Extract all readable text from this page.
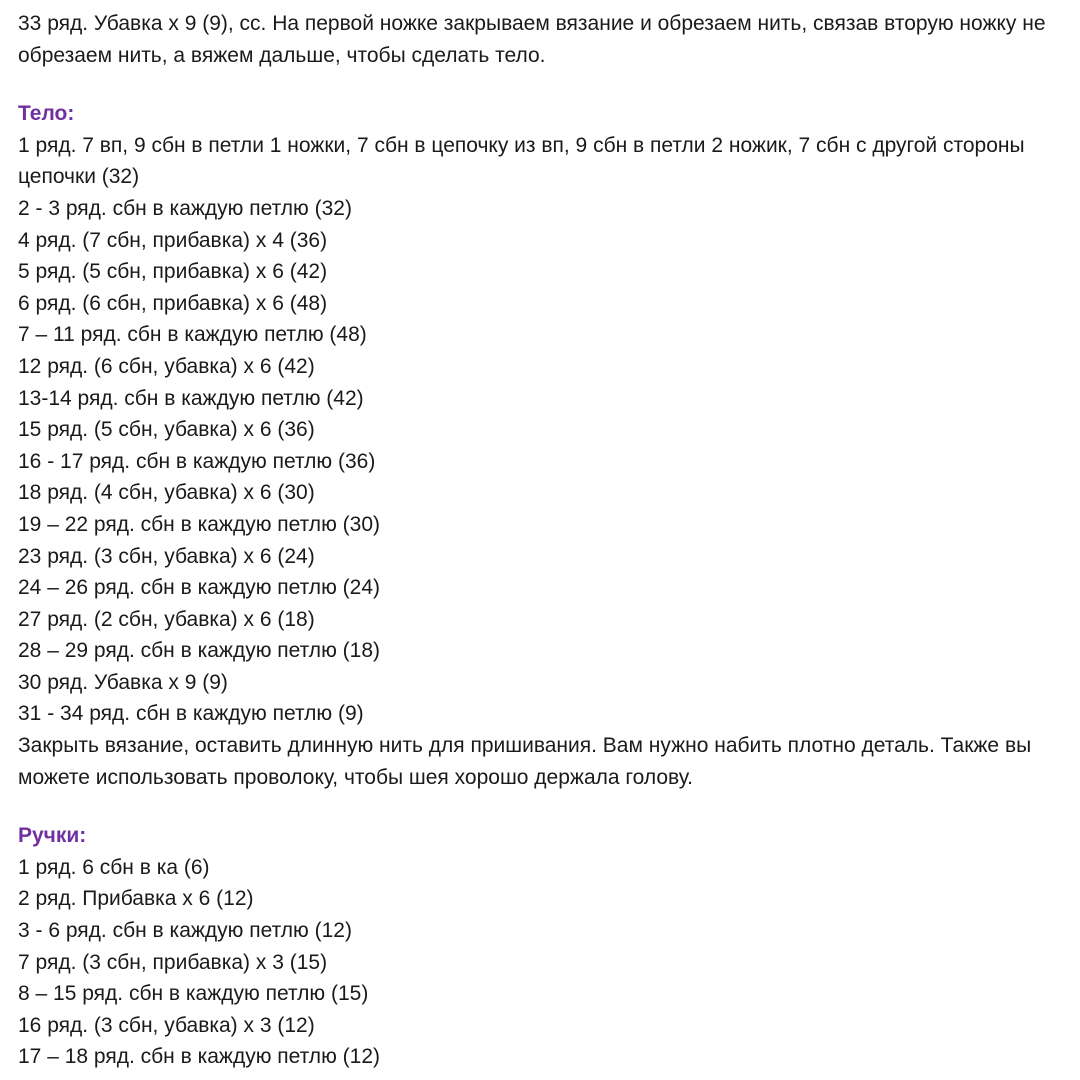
33 ряд. Убавка х 9 (9), сс. На первой ножке закрываем вязание и обрезаем нить, связав вторую ножку не обрезаем нить, а вяжем дальше, чтобы сделать тело.
Тело:
1 ряд. 7 вп, 9 сбн в петли 1 ножки, 7 сбн в цепочку из вп, 9 сбн в петли 2 ножик, 7 сбн с другой стороны цепочки (32)
2 - 3 ряд. сбн в каждую петлю (32)
4 ряд. (7 сбн, прибавка) х 4 (36)
5 ряд. (5 сбн, прибавка) х 6 (42)
6 ряд. (6 сбн, прибавка) х 6 (48)
7 – 11 ряд. сбн в каждую петлю (48)
12 ряд. (6 сбн, убавка) х 6 (42)
13-14 ряд. сбн в каждую петлю (42)
15 ряд. (5 сбн, убавка) х 6 (36)
16 - 17 ряд. сбн в каждую петлю (36)
18 ряд. (4 сбн, убавка) х 6 (30)
19 – 22 ряд. сбн в каждую петлю (30)
23 ряд. (3 сбн, убавка) х 6 (24)
24 – 26 ряд. сбн в каждую петлю (24)
27 ряд. (2 сбн, убавка) х 6 (18)
28 – 29 ряд. сбн в каждую петлю (18)
30 ряд. Убавка х 9 (9)
31 - 34 ряд. сбн в каждую петлю (9)
Закрыть вязание, оставить длинную нить для пришивания. Вам нужно набить плотно деталь. Также вы можете использовать проволоку, чтобы шея хорошо держала голову.
Ручки:
1 ряд. 6 сбн в ка (6)
2 ряд. Прибавка х 6 (12)
3 - 6 ряд. сбн в каждую петлю (12)
7 ряд. (3 сбн, прибавка) х 3 (15)
8 – 15 ряд. сбн в каждую петлю (15)
16 ряд. (3 сбн, убавка) х 3 (12)
17 – 18 ряд. сбн в каждую петлю (12)
